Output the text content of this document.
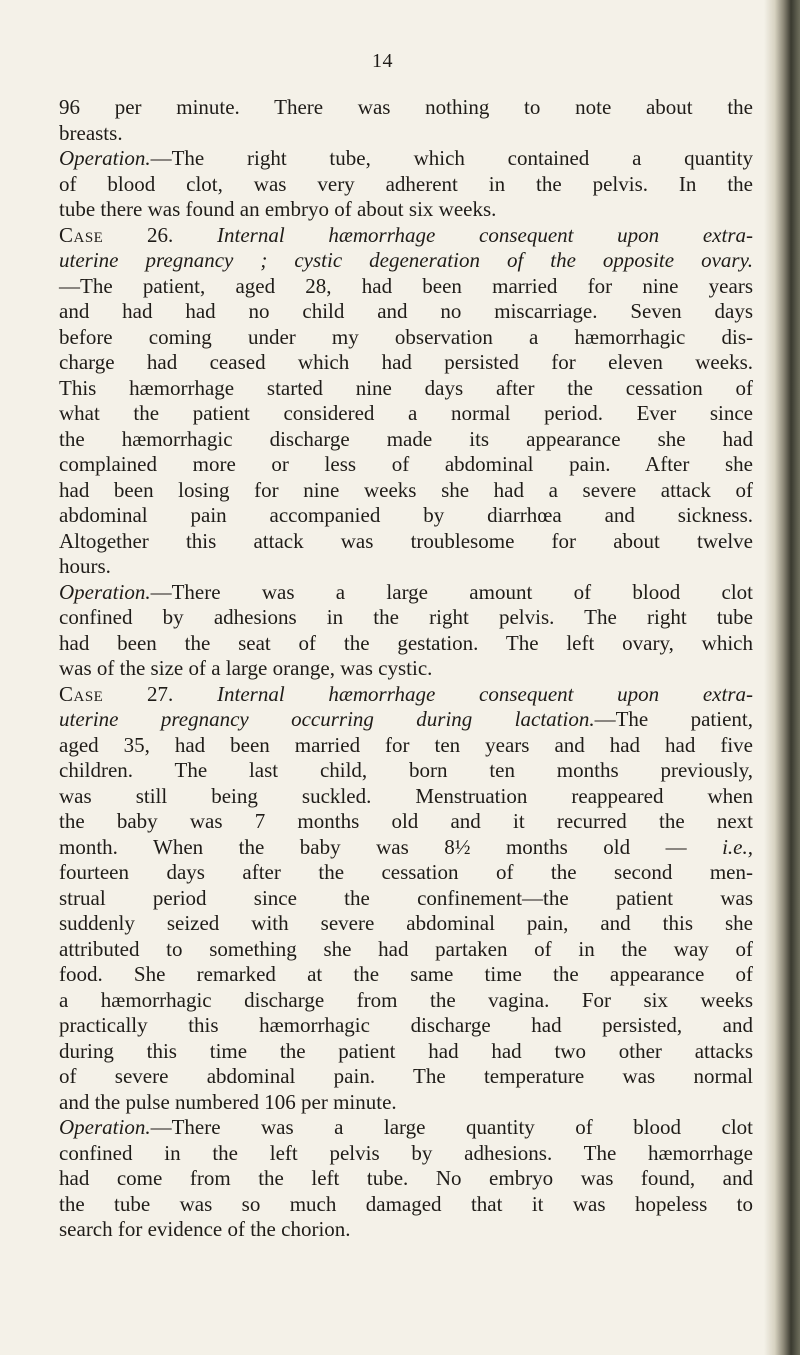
14
96 per minute. There was nothing to note about the
breasts.
Operation.—The right tube, which contained a quantity
of blood clot, was very adherent in the pelvis. In the
tube there was found an embryo of about six weeks.
Case 26. Internal hæmorrhage consequent upon extra-
uterine pregnancy ; cystic degeneration of the opposite ovary.
—The patient, aged 28, had been married for nine years
and had had no child and no miscarriage. Seven days
before coming under my observation a hæmorrhagic dis-
charge had ceased which had persisted for eleven weeks.
This hæmorrhage started nine days after the cessation of
what the patient considered a normal period. Ever since
the hæmorrhagic discharge made its appearance she had
complained more or less of abdominal pain. After she
had been losing for nine weeks she had a severe attack of
abdominal pain accompanied by diarrhœa and sickness.
Altogether this attack was troublesome for about twelve
hours.
Operation.—There was a large amount of blood clot
confined by adhesions in the right pelvis. The right tube
had been the seat of the gestation. The left ovary, which
was of the size of a large orange, was cystic.
Case 27. Internal hæmorrhage consequent upon extra-
uterine pregnancy occurring during lactation.—The patient,
aged 35, had been married for ten years and had had five
children. The last child, born ten months previously,
was still being suckled. Menstruation reappeared when
the baby was 7 months old and it recurred the next
month. When the baby was 8½ months old — i.e.,
fourteen days after the cessation of the second men-
strual period since the confinement—the patient was
suddenly seized with severe abdominal pain, and this she
attributed to something she had partaken of in the way of
food. She remarked at the same time the appearance of
a hæmorrhagic discharge from the vagina. For six weeks
practically this hæmorrhagic discharge had persisted, and
during this time the patient had had two other attacks
of severe abdominal pain. The temperature was normal
and the pulse numbered 106 per minute.
Operation.—There was a large quantity of blood clot
confined in the left pelvis by adhesions. The hæmorrhage
had come from the left tube. No embryo was found, and
the tube was so much damaged that it was hopeless to
search for evidence of the chorion.
